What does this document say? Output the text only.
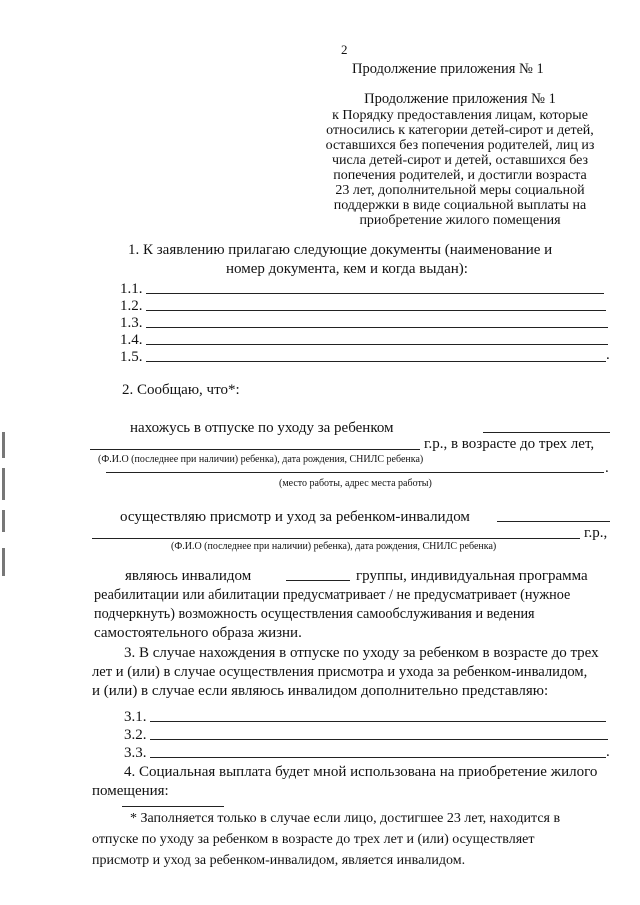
2
Продолжение приложения № 1
Продолжение приложения № 1
к Порядку предоставления лицам, которые
относились к категории детей-сирот и детей,
оставшихся без попечения родителей, лиц из
числа детей-сирот и детей, оставшихся без
попечения родителей, и достигли возраста
23 лет, дополнительной меры социальной
поддержки в виде социальной выплаты на
приобретение жилого помещения
1. К заявлению прилагаю следующие документы (наименование и
номер документа, кем и когда выдан):
1.1.
1.2.
1.3.
1.4.
1.5.	.
2. Сообщаю, что*:
нахожусь в отпуске по уходу за ребенком
г.р., в возрасте до трех лет,
(Ф.И.О (последнее при наличии) ребенка), дата рождения, СНИЛС ребенка)
.
(место работы, адрес места работы)
осуществляю присмотр и уход за ребенком-инвалидом
г.р.,
(Ф.И.О (последнее при наличии) ребенка), дата рождения, СНИЛС ребенка)
являюсь инвалидом	группы, индивидуальная программа
реабилитации или абилитации предусматривает / не предусматривает (нужное
подчеркнуть) возможность осуществления самообслуживания и ведения
самостоятельного образа жизни.
3. В случае нахождения в отпуске по уходу за ребенком в возрасте до трех
лет и (или) в случае осуществления присмотра и ухода за ребенком-инвалидом,
и (или) в случае если являюсь инвалидом дополнительно представляю:
3.1.
3.2.
3.3.	.
4. Социальная выплата будет мной использована на приобретение жилого
помещения:
* Заполняется только в случае если лицо, достигшее 23 лет, находится в
отпуске по уходу за ребенком в возрасте до трех лет и (или) осуществляет
присмотр и уход за ребенком-инвалидом, является инвалидом.
